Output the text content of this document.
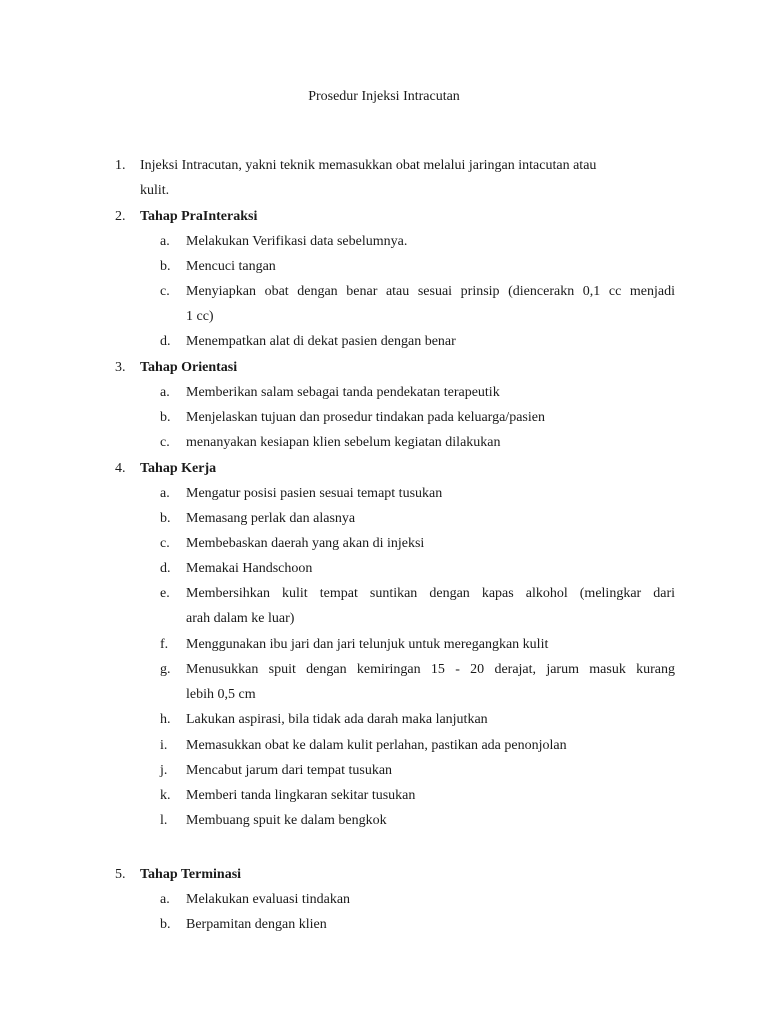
Prosedur Injeksi Intracutan
1. Injeksi Intracutan, yakni teknik memasukkan obat melalui jaringan intacutan atau
kulit.
2. Tahap PraInteraksi
a. Melakukan Verifikasi data sebelumnya.
b. Mencuci tangan
c. Menyiapkan obat dengan benar atau sesuai prinsip (diencerakn 0,1 cc menjadi
1 cc)
d. Menempatkan alat di dekat pasien dengan benar
3. Tahap Orientasi
a. Memberikan salam sebagai tanda pendekatan terapeutik
b. Menjelaskan tujuan dan prosedur tindakan pada keluarga/pasien
c. menanyakan kesiapan klien sebelum kegiatan dilakukan
4. Tahap Kerja
a. Mengatur posisi pasien sesuai temapt tusukan
b. Memasang perlak dan alasnya
c. Membebaskan daerah yang akan di injeksi
d. Memakai Handschoon
e. Membersihkan kulit tempat suntikan dengan kapas alkohol (melingkar dari
arah dalam ke luar)
f. Menggunakan ibu jari dan jari telunjuk untuk meregangkan kulit
g. Menusukkan spuit dengan kemiringan 15 - 20 derajat, jarum masuk kurang
lebih 0,5 cm
h. Lakukan aspirasi, bila tidak ada darah maka lanjutkan
i. Memasukkan obat ke dalam kulit perlahan, pastikan ada penonjolan
j. Mencabut jarum dari tempat tusukan
k. Memberi tanda lingkaran sekitar tusukan
l. Membuang spuit ke dalam bengkok
5. Tahap Terminasi
a. Melakukan evaluasi tindakan
b. Berpamitan dengan klien
